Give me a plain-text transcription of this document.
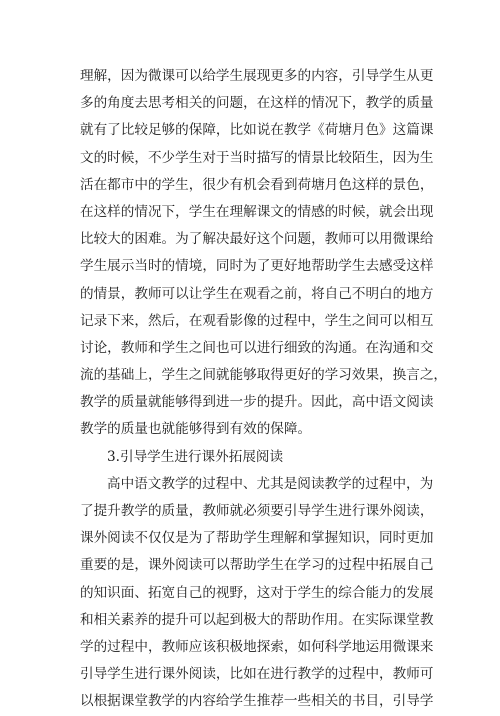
理解，因为微课可以给学生展现更多的内容，引导学生从更
多的角度去思考相关的问题，在这样的情况下，教学的质量
就有了比较足够的保障，比如说在教学《荷塘月色》这篇课
文的时候，不少学生对于当时描写的情景比较陌生，因为生
活在都市中的学生，很少有机会看到荷塘月色这样的景色，
在这样的情况下，学生在理解课文的情感的时候，就会出现
比较大的困难。为了解决最好这个问题，教师可以用微课给
学生展示当时的情境，同时为了更好地帮助学生去感受这样
的情景，教师可以让学生在观看之前，将自己不明白的地方
记录下来，然后，在观看影像的过程中，学生之间可以相互
讨论，教师和学生之间也可以进行细致的沟通。在沟通和交
流的基础上，学生之间就能够取得更好的学习效果，换言之，
教学的质量就能够得到进一步的提升。因此，高中语文阅读
教学的质量也就能够得到有效的保障。
3.引导学生进行课外拓展阅读
高中语文教学的过程中、尤其是阅读教学的过程中，为
了提升教学的质量，教师就必须要引导学生进行课外阅读，
课外阅读不仅仅是为了帮助学生理解和掌握知识，同时更加
重要的是，课外阅读可以帮助学生在学习的过程中拓展自己
的知识面、拓宽自己的视野，这对于学生的综合能力的发展
和相关素养的提升可以起到极大的帮助作用。在实际课堂教
学的过程中，教师应该积极地探索，如何科学地运用微课来
引导学生进行课外阅读，比如在进行教学的过程中，教师可
以根据课堂教学的内容给学生推荐一些相关的书目，引导学
